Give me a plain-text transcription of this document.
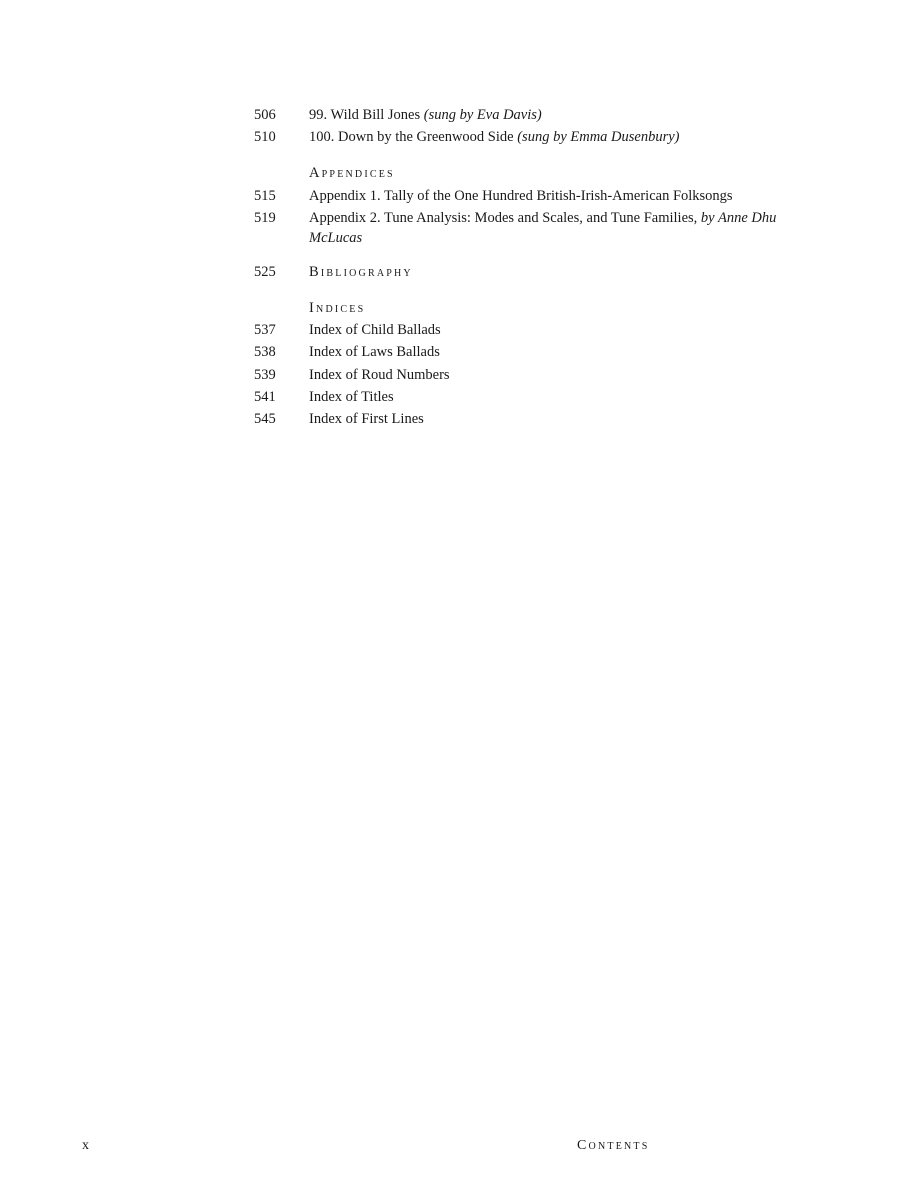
506	99. Wild Bill Jones (sung by Eva Davis)
510	100. Down by the Greenwood Side (sung by Emma Dusenbury)
Appendices
515	Appendix 1. Tally of the One Hundred British-Irish-American Folksongs
519	Appendix 2. Tune Analysis: Modes and Scales, and Tune Families, by Anne Dhu McLucas
525	Bibliography
Indices
537	Index of Child Ballads
538	Index of Laws Ballads
539	Index of Roud Numbers
541	Index of Titles
545	Index of First Lines
x	Contents
